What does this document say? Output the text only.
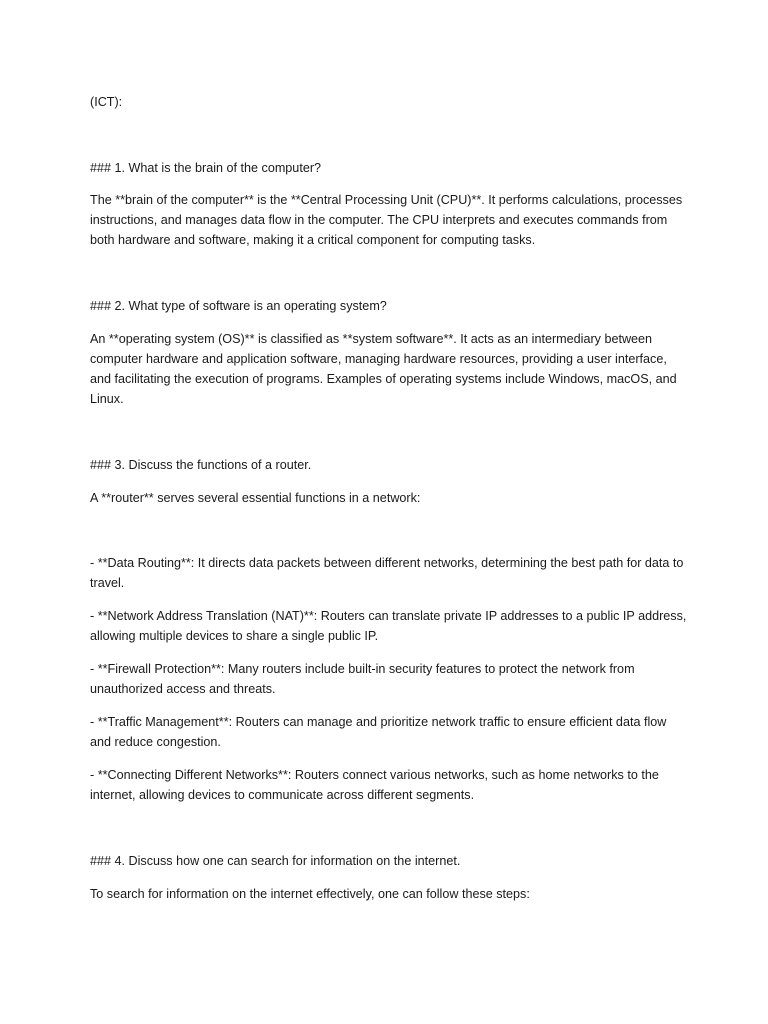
(ICT):

### 1. What is the brain of the computer?

The **brain of the computer** is the **Central Processing Unit (CPU)**. It performs calculations, processes instructions, and manages data flow in the computer. The CPU interprets and executes commands from both hardware and software, making it a critical component for computing tasks.

### 2. What type of software is an operating system?

An **operating system (OS)** is classified as **system software**. It acts as an intermediary between computer hardware and application software, managing hardware resources, providing a user interface, and facilitating the execution of programs. Examples of operating systems include Windows, macOS, and Linux.

### 3. Discuss the functions of a router.

A **router** serves several essential functions in a network:

- **Data Routing**: It directs data packets between different networks, determining the best path for data to travel.

- **Network Address Translation (NAT)**: Routers can translate private IP addresses to a public IP address, allowing multiple devices to share a single public IP.

- **Firewall Protection**: Many routers include built-in security features to protect the network from unauthorized access and threats.

- **Traffic Management**: Routers can manage and prioritize network traffic to ensure efficient data flow and reduce congestion.

- **Connecting Different Networks**: Routers connect various networks, such as home networks to the internet, allowing devices to communicate across different segments.

### 4. Discuss how one can search for information on the internet.

To search for information on the internet effectively, one can follow these steps:
